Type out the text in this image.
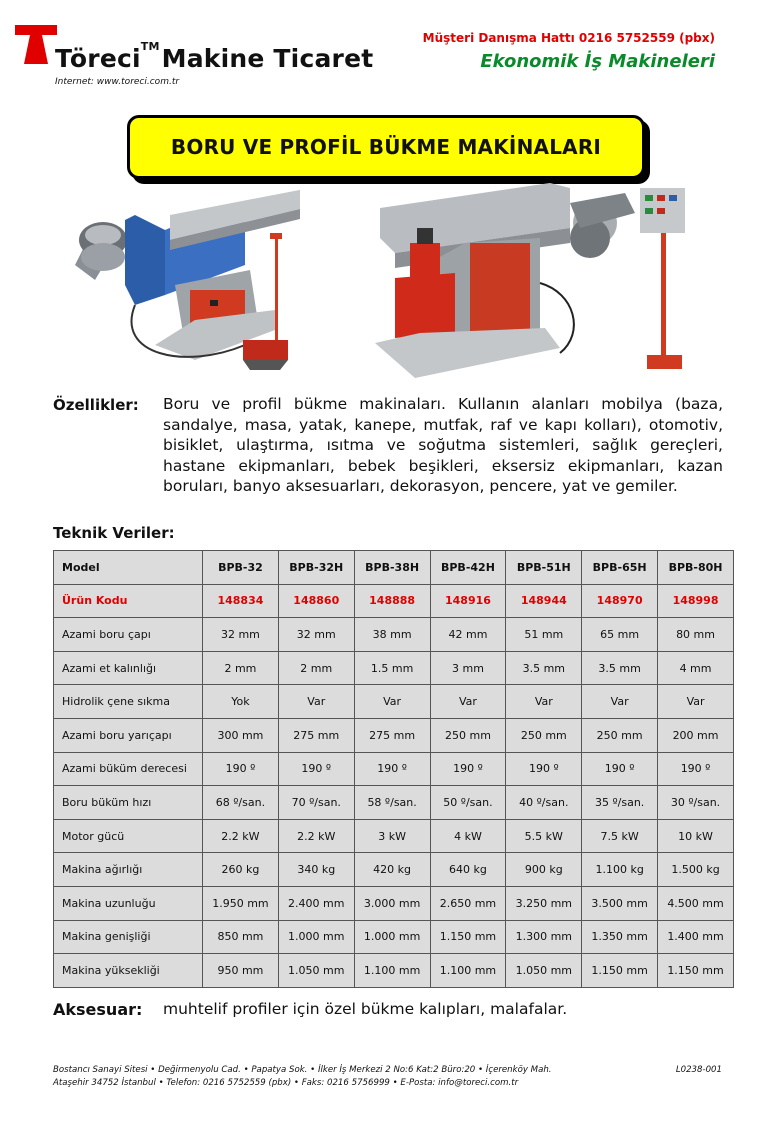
Töreci™Makine Ticaret
Internet: www.toreci.com.tr
Müşteri Danışma Hattı 0216 5752559 (pbx)
Ekonomik İş Makineleri
BORU VE PROFİL BÜKME MAKİNALARI
Özellikler: Boru ve profil bükme makinaları. Kullanın alanları mobilya (baza, sandalye, masa, yatak, kanepe, mutfak, raf ve kapı kolları), otomotiv, bisiklet, ulaştırma, ısıtma ve soğutma sistemleri, sağlık gereçleri, hastane ekipmanları, bebek beşikleri, eksersiz ekipmanları, kazan boruları, banyo aksesuarları, dekorasyon, pencere, yat ve gemiler.
Teknik Veriler:
Model	BPB-32	BPB-32H	BPB-38H	BPB-42H	BPB-51H	BPB-65H	BPB-80H
Ürün Kodu	148834	148860	148888	148916	148944	148970	148998
Azami boru çapı	32 mm	32 mm	38 mm	42 mm	51 mm	65 mm	80 mm
Azami et kalınlığı	2 mm	2 mm	1.5 mm	3 mm	3.5 mm	3.5 mm	4 mm
Hidrolik çene sıkma	Yok	Var	Var	Var	Var	Var	Var
Azami boru yarıçapı	300 mm	275 mm	275 mm	250 mm	250 mm	250 mm	200 mm
Azami büküm derecesi	190 º	190 º	190 º	190 º	190 º	190 º	190 º
Boru büküm hızı	68 º/san.	70 º/san.	58 º/san.	50 º/san.	40 º/san.	35 º/san.	30 º/san.
Motor gücü	2.2 kW	2.2 kW	3 kW	4 kW	5.5 kW	7.5 kW	10 kW
Makina ağırlığı	260 kg	340 kg	420 kg	640 kg	900 kg	1.100 kg	1.500 kg
Makina uzunluğu	1.950 mm	2.400 mm	3.000 mm	2.650 mm	3.250 mm	3.500 mm	4.500 mm
Makina genişliği	850 mm	1.000 mm	1.000 mm	1.150 mm	1.300 mm	1.350 mm	1.400 mm
Makina yüksekliği	950 mm	1.050 mm	1.100 mm	1.100 mm	1.050 mm	1.150 mm	1.150 mm
Aksesuar: muhtelif profiler için özel bükme kalıpları, malafalar.
Bostancı Sanayi Sitesi • Değirmenyolu Cad. • Papatya Sok. • İlker İş Merkezi 2 No:6 Kat:2 Büro:20 • İçerenköy Mah.
Ataşehir 34752 İstanbul • Telefon: 0216 5752559 (pbx) • Faks: 0216 5756999 • E-Posta: info@toreci.com.tr
L0238-001
